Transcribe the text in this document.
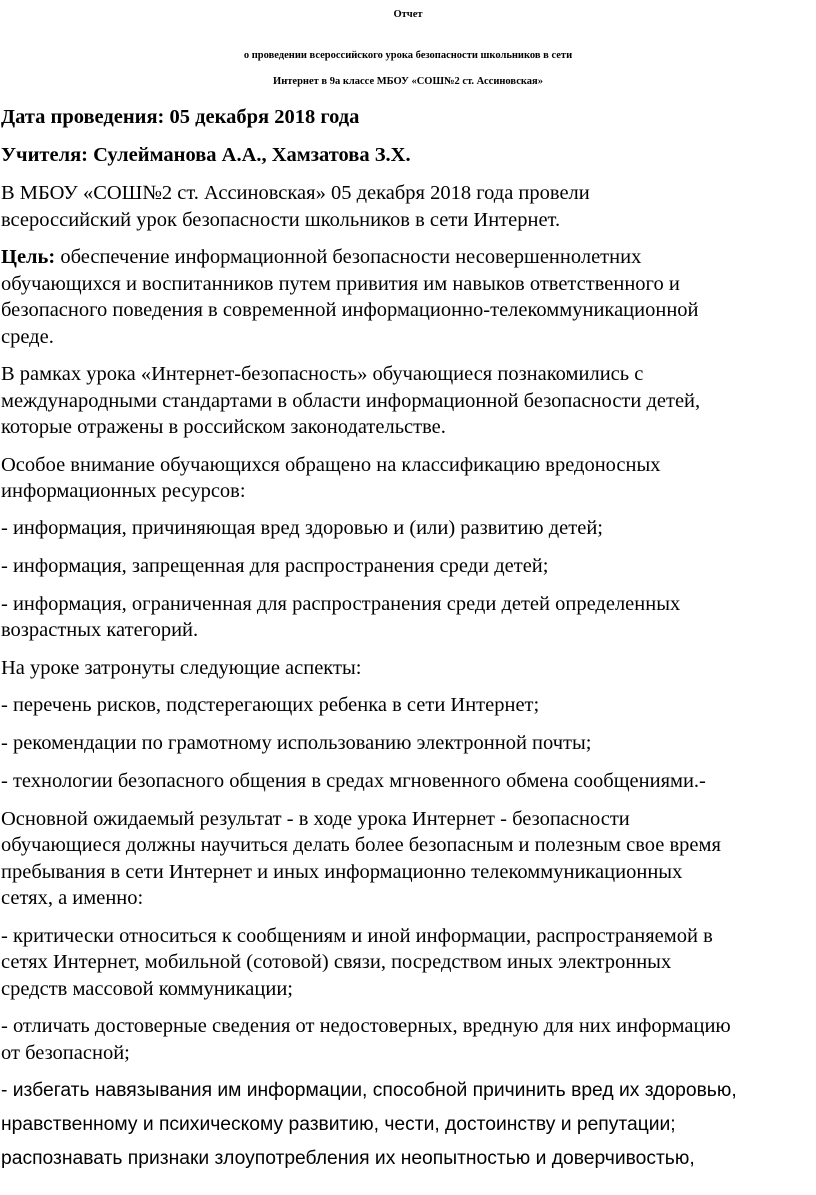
Отчет
о проведении всероссийского урока безопасности школьников в сети
Интернет в 9а классе МБОУ «СОШ№2 ст. Ассиновская»
Дата проведения: 05 декабря 2018 года
Учителя: Сулейманова А.А., Хамзатова З.Х.
В МБОУ «СОШ№2 ст. Ассиновская» 05 декабря 2018 года провели
всероссийский урок безопасности школьников в сети Интернет.
Цель: обеспечение информационной безопасности несовершеннолетних
обучающихся и воспитанников путем привития им навыков ответственного и
безопасного поведения в современной информационно-телекоммуникационной
среде.
В рамках урока «Интернет-безопасность» обучающиеся познакомились с
международными стандартами в области информационной безопасности детей,
которые отражены в российском законодательстве.
Особое внимание обучающихся обращено на классификацию вредоносных
информационных ресурсов:
- информация, причиняющая вред здоровью и (или) развитию детей;
- информация, запрещенная для распространения среди детей;
- информация, ограниченная для распространения среди детей определенных
возрастных категорий.
На уроке затронуты следующие аспекты:
- перечень рисков, подстерегающих ребенка в сети Интернет;
- рекомендации по грамотному использованию электронной почты;
- технологии безопасного общения в средах мгновенного обмена сообщениями.-
Основной ожидаемый результат - в ходе урока Интернет - безопасности
обучающиеся должны научиться делать более безопасным и полезным свое время
пребывания в сети Интернет и иных информационно телекоммуникационных
сетях, а именно:
- критически относиться к сообщениям и иной информации, распространяемой в
сетях Интернет, мобильной (сотовой) связи, посредством иных электронных
средств массовой коммуникации;
- отличать достоверные сведения от недостоверных, вредную для них информацию
от безопасной;
- избегать навязывания им информации, способной причинить вред их здоровью,
нравственному и психическому развитию, чести, достоинству и репутации;
распознавать признаки злоупотребления их неопытностью и доверчивостью,
